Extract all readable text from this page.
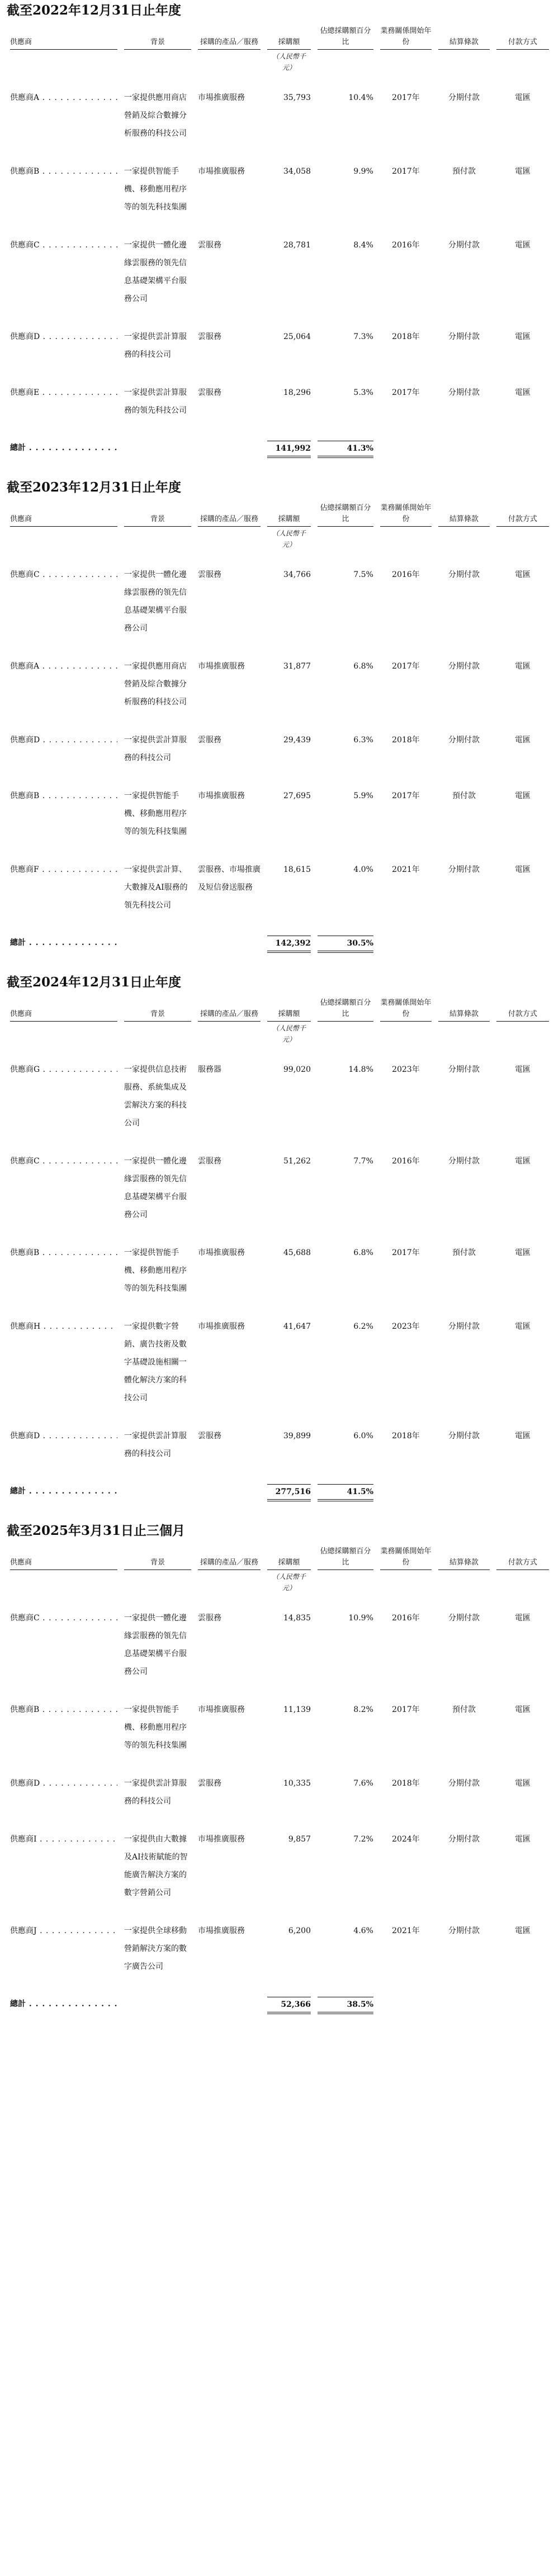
截至2022年12月31日止年度
供應商	背景	採購的產品／服務	採購額	佔總採購額百分比	業務關係開始年份	結算條款	付款方式

			（人民幣千元）				
供應商A . . .	一家提供應用商店營銷及綜合數據分析服務的科技公司	市場推廣服務	35,793	10.4%	2017年	分期付款	電匯
供應商B . . .	一家提供智能手機、移動應用程序等的領先科技集團	市場推廣服務	34,058	9.9%	2017年	預付款	電匯
供應商C . . .	一家提供一體化邊緣雲服務的領先信息基礎架構平台服務公司	雲服務	28,781	8.4%	2016年	分期付款	電匯
供應商D . . .	一家提供雲計算服務的科技公司	雲服務	25,064	7.3%	2018年	分期付款	電匯
供應商E . . .	一家提供雲計算服務的領先科技公司	雲服務	18,296	5.3%	2017年	分期付款	電匯
總計 . . .			141,992	41.3%			
截至2023年12月31日止年度
供應商	背景	採購的產品／服務	採購額	佔總採購額百分比	業務關係開始年份	結算條款	付款方式

			（人民幣千元）				
供應商C . . .	一家提供一體化邊緣雲服務的領先信息基礎架構平台服務公司	雲服務	34,766	7.5%	2016年	分期付款	電匯
供應商A . . .	一家提供應用商店營銷及綜合數據分析服務的科技公司	市場推廣服務	31,877	6.8%	2017年	分期付款	電匯
供應商D . . .	一家提供雲計算服務的科技公司	雲服務	29,439	6.3%	2018年	分期付款	電匯
供應商B . . .	一家提供智能手機、移動應用程序等的領先科技集團	市場推廣服務	27,695	5.9%	2017年	預付款	電匯
供應商F . . .	一家提供雲計算、大數據及AI服務的領先科技公司	雲服務、市場推廣及短信發送服務	18,615	4.0%	2021年	分期付款	電匯
總計 . . .			142,392	30.5%			
截至2024年12月31日止年度
供應商	背景	採購的產品／服務	採購額	佔總採購額百分比	業務關係開始年份	結算條款	付款方式

			（人民幣千元）				
供應商G . . .	一家提供信息技術服務、系統集成及雲解決方案的科技公司	服務器	99,020	14.8%	2023年	分期付款	電匯
供應商C . . .	一家提供一體化邊緣雲服務的領先信息基礎架構平台服務公司	雲服務	51,262	7.7%	2016年	分期付款	電匯
供應商B . . .	一家提供智能手機、移動應用程序等的領先科技集團	市場推廣服務	45,688	6.8%	2017年	預付款	電匯
供應商H . . .	一家提供數字營銷、廣告技術及數字基礎設施相關一體化解決方案的科技公司	市場推廣服務	41,647	6.2%	2023年	分期付款	電匯
供應商D . . .	一家提供雲計算服務的科技公司	雲服務	39,899	6.0%	2018年	分期付款	電匯
總計 . . .			277,516	41.5%			
截至2025年3月31日止三個月
供應商	背景	採購的產品／服務	採購額	佔總採購額百分比	業務關係開始年份	結算條款	付款方式

			（人民幣千元）				
供應商C . . .	一家提供一體化邊緣雲服務的領先信息基礎架構平台服務公司	雲服務	14,835	10.9%	2016年	分期付款	電匯
供應商B . . .	一家提供智能手機、移動應用程序等的領先科技集團	市場推廣服務	11,139	8.2%	2017年	預付款	電匯
供應商D . . .	一家提供雲計算服務的科技公司	雲服務	10,335	7.6%	2018年	分期付款	電匯
供應商I . . .	一家提供由大數據及AI技術賦能的智能廣告解決方案的數字營銷公司	市場推廣服務	9,857	7.2%	2024年	分期付款	電匯
供應商J . . .	一家提供全球移動營銷解決方案的數字廣告公司	市場推廣服務	6,200	4.6%	2021年	分期付款	電匯
總計 . . .			52,366	38.5%			
